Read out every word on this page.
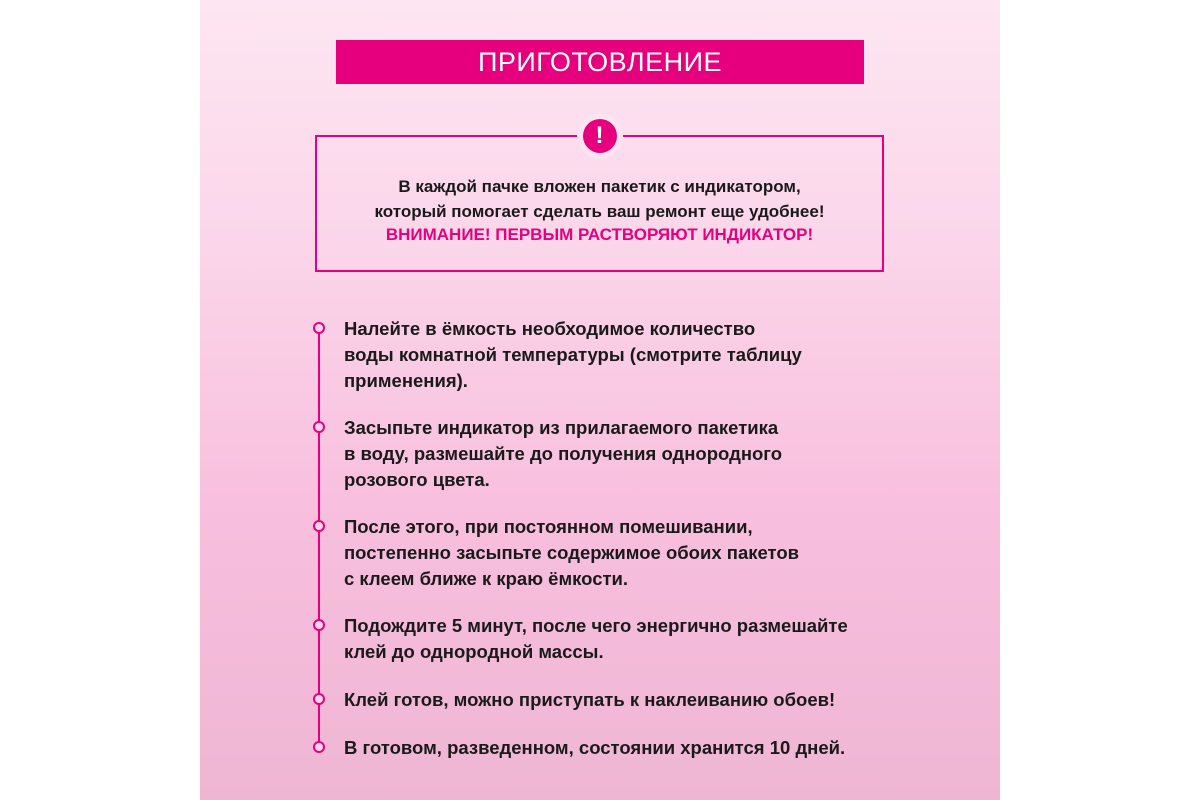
ПРИГОТОВЛЕНИЕ
!
В каждой пачке вложен пакетик с индикатором,
который помогает сделать ваш ремонт еще удобнее!
ВНИМАНИЕ! ПЕРВЫМ РАСТВОРЯЮТ ИНДИКАТОР!
Налейте в ёмкость необходимое количество
воды комнатной температуры (смотрите таблицу
применения).
Засыпьте индикатор из прилагаемого пакетика
в воду, размешайте до получения однородного
розового цвета.
После этого, при постоянном помешивании,
постепенно засыпьте содержимое обоих пакетов
с клеем ближе к краю ёмкости.
Подождите 5 минут, после чего энергично размешайте
клей до однородной массы.
Клей готов, можно приступать к наклеиванию обоев!
В готовом, разведенном, состоянии хранится 10 дней.
